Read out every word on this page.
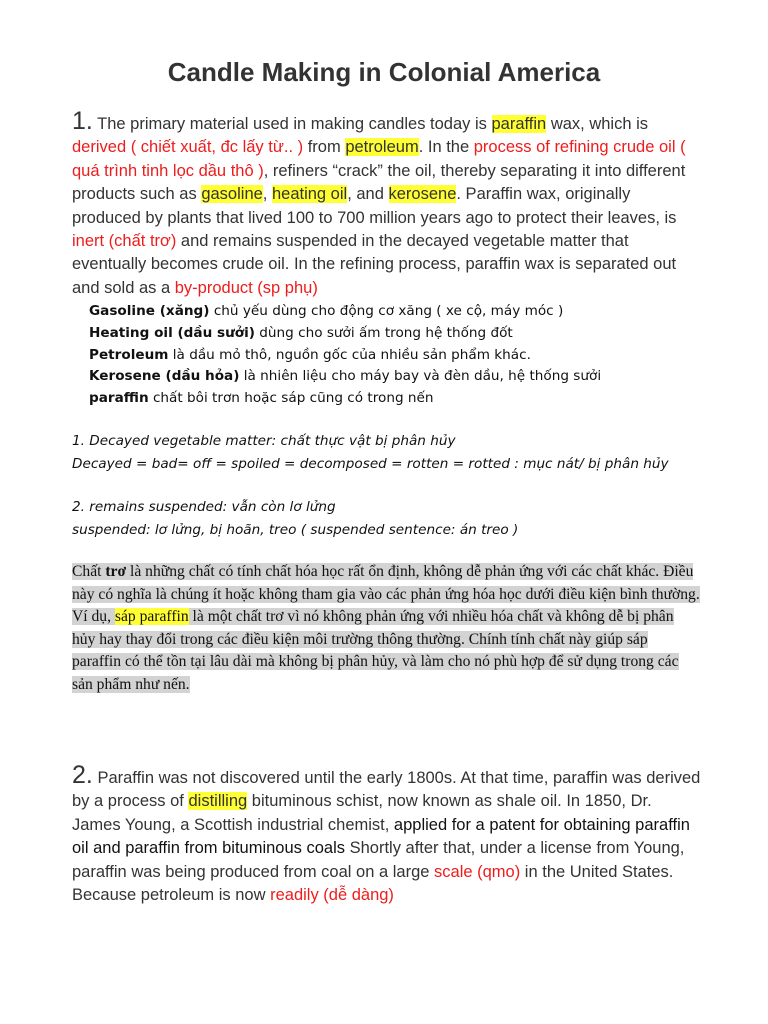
Candle Making in Colonial America

1. The primary material used in making candles today is paraffin wax, which is derived ( chiết xuất, đc lấy từ.. ) from petroleum. In the process of refining crude oil ( quá trình tinh lọc dầu thô ), refiners “crack” the oil, thereby separating it into different products such as gasoline, heating oil, and kerosene. Paraffin wax, originally produced by plants that lived 100 to 700 million years ago to protect their leaves, is inert (chất trơ) and remains suspended in the decayed vegetable matter that eventually becomes crude oil. In the refining process, paraffin wax is separated out and sold as a by-product (sp phụ)

Gasoline (xăng) chủ yếu dùng cho động cơ xăng ( xe cộ, máy móc )
Heating oil (dầu sưởi) dùng cho sưởi ấm trong hệ thống đốt
Petroleum là dầu mỏ thô, nguồn gốc của nhiều sản phẩm khác.
Kerosene (dầu hỏa) là nhiên liệu cho máy bay và đèn dầu, hệ thống sưởi
paraffin chất bôi trơn hoặc sáp cũng có trong nến
1. Decayed vegetable matter: chất thực vật bị phân hủy
Decayed = bad= off = spoiled = decomposed = rotten = rotted : mục nát/ bị phân hủy
2. remains suspended: vẫn còn lơ lửng
suspended: lơ lửng, bị hoãn, treo ( suspended sentence: án treo )

Chất trơ là những chất có tính chất hóa học rất ổn định, không dễ phản ứng với các chất khác. Điều này có nghĩa là chúng ít hoặc không tham gia vào các phản ứng hóa học dưới điều kiện bình thường. Ví dụ, sáp paraffin là một chất trơ vì nó không phản ứng với nhiều hóa chất và không dễ bị phân hủy hay thay đổi trong các điều kiện môi trường thông thường. Chính tính chất này giúp sáp paraffin có thể tồn tại lâu dài mà không bị phân hủy, và làm cho nó phù hợp để sử dụng trong các sản phẩm như nến.

2. Paraffin was not discovered until the early 1800s. At that time, paraffin was derived by a process of distilling bituminous schist, now known as shale oil. In 1850, Dr. James Young, a Scottish industrial chemist, applied for a patent for obtaining paraffin oil and paraffin from bituminous coals Shortly after that, under a license from Young, paraffin was being produced from coal on a large scale (qmo) in the United States. Because petroleum is now readily (dễ dàng)
